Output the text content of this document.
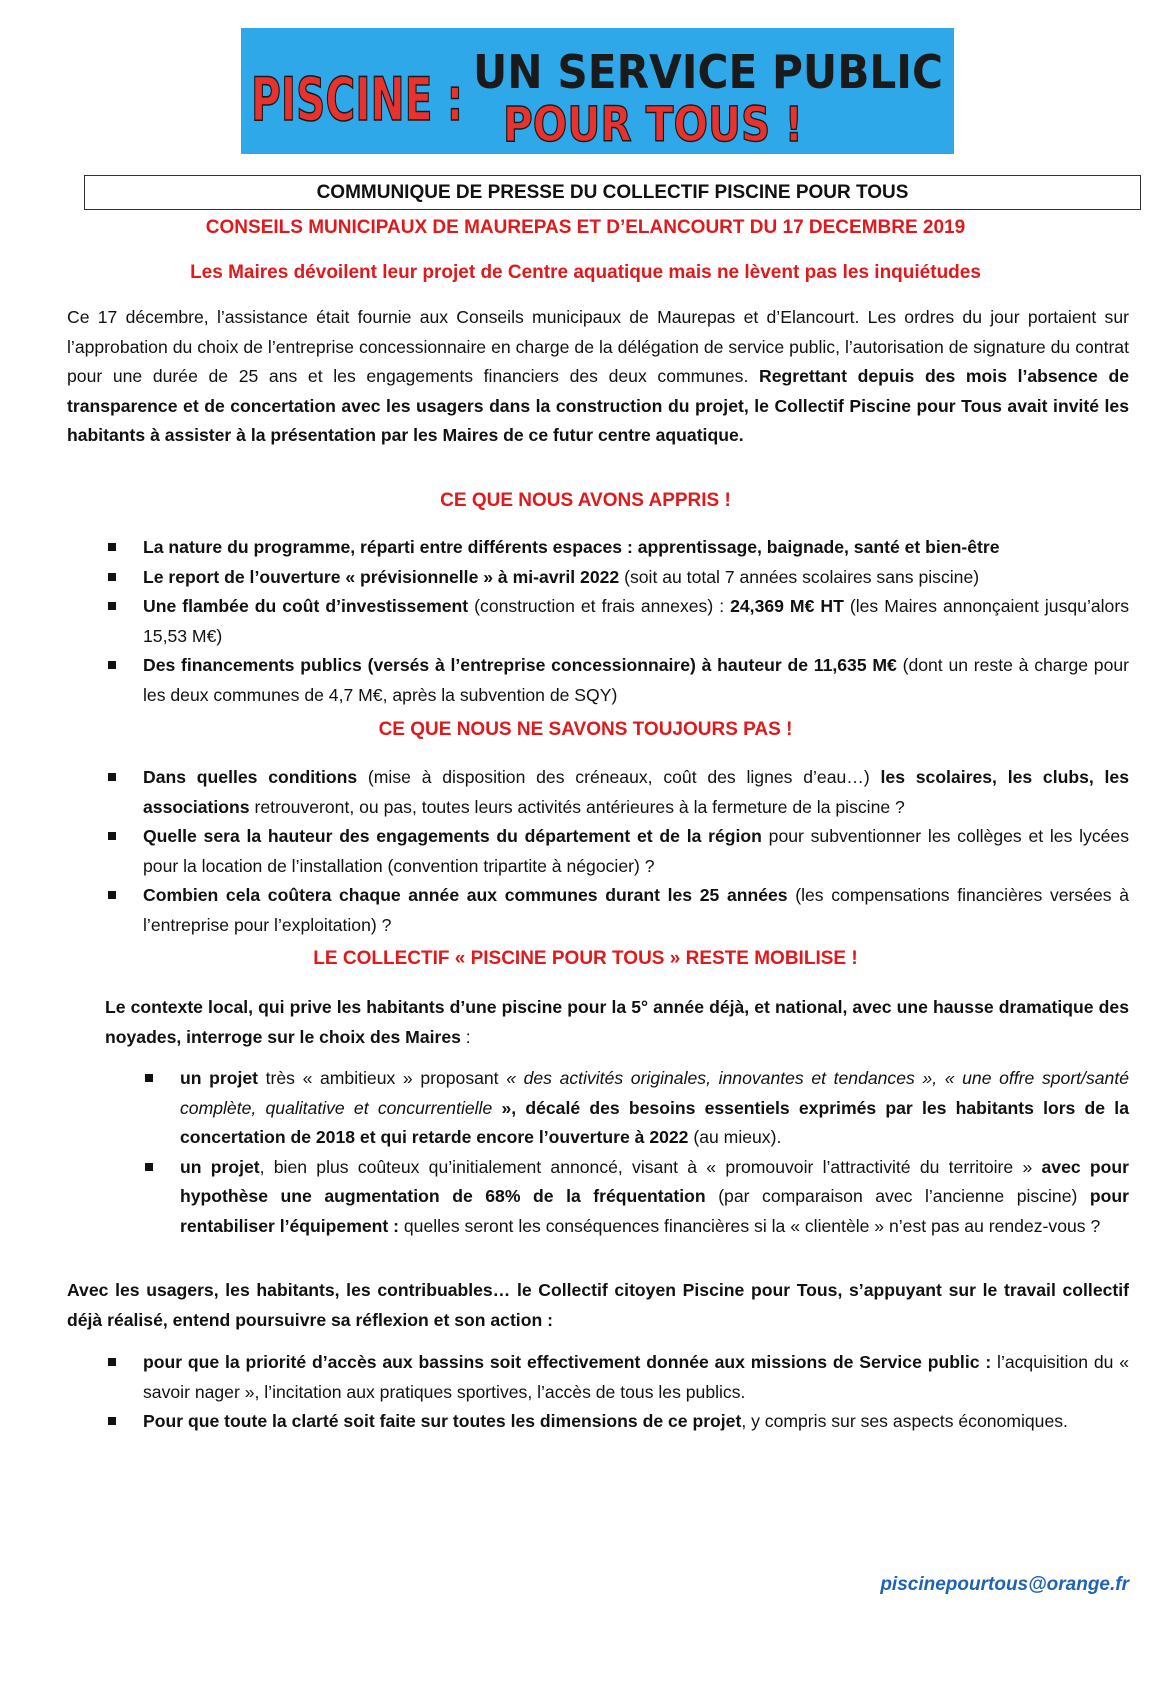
PISCINE : UN SERVICE PUBLIC
POUR TOUS !
COMMUNIQUE DE PRESSE DU COLLECTIF PISCINE POUR TOUS
CONSEILS MUNICIPAUX DE MAUREPAS ET D’ELANCOURT DU 17 DECEMBRE 2019
Les Maires dévoilent leur projet de Centre aquatique mais ne lèvent pas les inquiétudes
Ce 17 décembre, l’assistance était fournie aux Conseils municipaux de Maurepas et d’Elancourt. Les ordres du jour portaient sur l’approbation du choix de l’entreprise concessionnaire en charge de la délégation de service public, l’autorisation de signature du contrat pour une durée de 25 ans et les engagements financiers des deux communes. Regrettant depuis des mois l’absence de transparence et de concertation avec les usagers dans la construction du projet, le Collectif Piscine pour Tous avait invité les habitants à assister à la présentation par les Maires de ce futur centre aquatique.
CE QUE NOUS AVONS APPRIS !
La nature du programme, réparti entre différents espaces : apprentissage, baignade, santé et bien-être
Le report de l’ouverture « prévisionnelle » à mi-avril 2022 (soit au total 7 années scolaires sans piscine)
Une flambée du coût d’investissement (construction et frais annexes) : 24,369 M€ HT (les Maires annonçaient jusqu’alors 15,53 M€)
Des financements publics (versés à l’entreprise concessionnaire) à hauteur de 11,635 M€ (dont un reste à charge pour les deux communes de 4,7 M€, après la subvention de SQY)
CE QUE NOUS NE SAVONS TOUJOURS PAS !
Dans quelles conditions (mise à disposition des créneaux, coût des lignes d’eau…) les scolaires, les clubs, les associations retrouveront, ou pas, toutes leurs activités antérieures à la fermeture de la piscine ?
Quelle sera la hauteur des engagements du département et de la région pour subventionner les collèges et les lycées pour la location de l’installation (convention tripartite à négocier) ?
Combien cela coûtera chaque année aux communes durant les 25 années (les compensations financières versées à l’entreprise pour l’exploitation) ?
LE COLLECTIF « PISCINE POUR TOUS » RESTE MOBILISE !
Le contexte local, qui prive les habitants d’une piscine pour la 5° année déjà, et national, avec une hausse dramatique des noyades, interroge sur le choix des Maires :
un projet très « ambitieux » proposant « des activités originales, innovantes et tendances », « une offre sport/santé complète, qualitative et concurrentielle », décalé des besoins essentiels exprimés par les habitants lors de la concertation de 2018 et qui retarde encore l’ouverture à 2022 (au mieux).
un projet, bien plus coûteux qu’initialement annoncé, visant à « promouvoir l’attractivité du territoire » avec pour hypothèse une augmentation de 68% de la fréquentation (par comparaison avec l’ancienne piscine) pour rentabiliser l’équipement : quelles seront les conséquences financières si la « clientèle » n’est pas au rendez-vous ?
Avec les usagers, les habitants, les contribuables… le Collectif citoyen Piscine pour Tous, s’appuyant sur le travail collectif déjà réalisé, entend poursuivre sa réflexion et son action :
pour que la priorité d’accès aux bassins soit effectivement donnée aux missions de Service public : l’acquisition du « savoir nager », l’incitation aux pratiques sportives, l’accès de tous les publics.
Pour que toute la clarté soit faite sur toutes les dimensions de ce projet, y compris sur ses aspects économiques.
piscinepourtous@orange.fr
